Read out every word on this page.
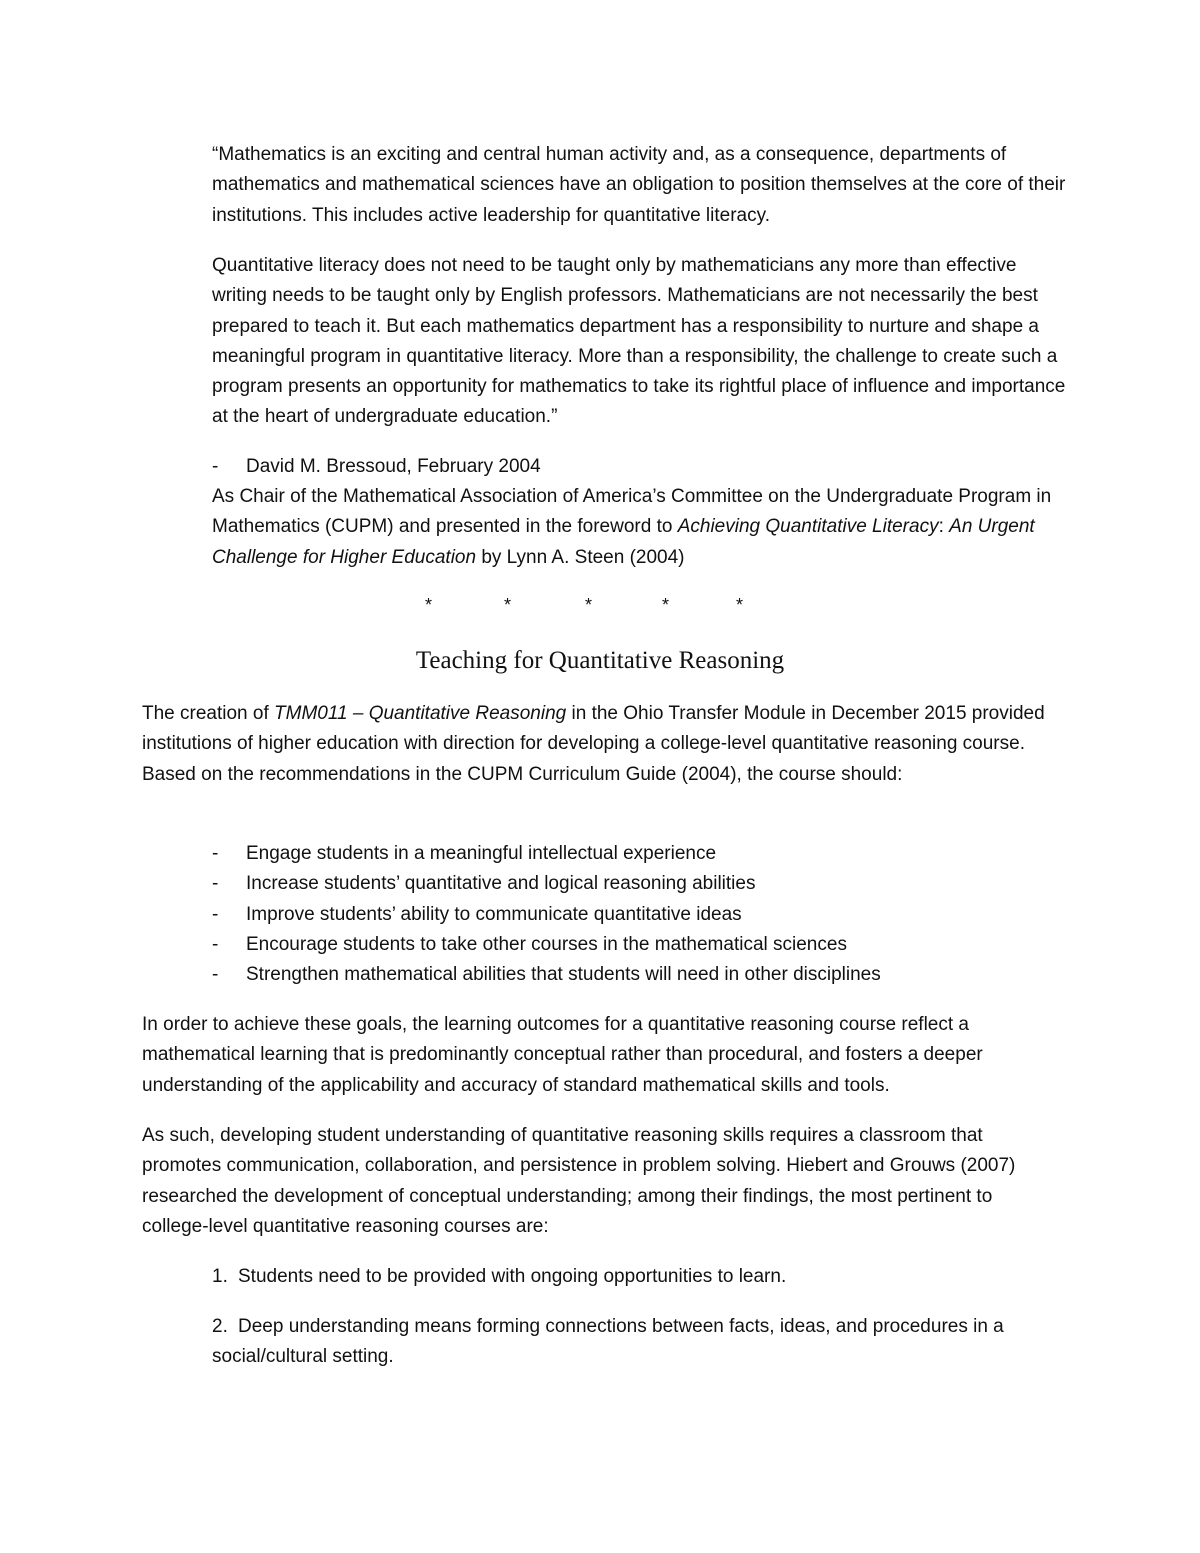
“Mathematics is an exciting and central human activity and, as a consequence, departments of mathematics and mathematical sciences have an obligation to position themselves at the core of their institutions. This includes active leadership for quantitative literacy.

Quantitative literacy does not need to be taught only by mathematicians any more than effective writing needs to be taught only by English professors. Mathematicians are not necessarily the best prepared to teach it. But each mathematics department has a responsibility to nurture and shape a meaningful program in quantitative literacy. More than a responsibility, the challenge to create such a program presents an opportunity for mathematics to take its rightful place of influence and importance at the heart of undergraduate education.”

- David M. Bressoud, February 2004

As Chair of the Mathematical Association of America’s Committee on the Undergraduate Program in Mathematics (CUPM) and presented in the foreword to Achieving Quantitative Literacy: An Urgent Challenge for Higher Education by Lynn A. Steen (2004)

*	*	*	*	*
Teaching for Quantitative Reasoning

The creation of TMM011 – Quantitative Reasoning in the Ohio Transfer Module in December 2015 provided institutions of higher education with direction for developing a college-level quantitative reasoning course. Based on the recommendations in the CUPM Curriculum Guide (2004), the course should:

- Engage students in a meaningful intellectual experience
- Increase students’ quantitative and logical reasoning abilities
- Improve students’ ability to communicate quantitative ideas
- Encourage students to take other courses in the mathematical sciences
- Strengthen mathematical abilities that students will need in other disciplines

In order to achieve these goals, the learning outcomes for a quantitative reasoning course reflect a mathematical learning that is predominantly conceptual rather than procedural, and fosters a deeper understanding of the applicability and accuracy of standard mathematical skills and tools.

As such, developing student understanding of quantitative reasoning skills requires a classroom that promotes communication, collaboration, and persistence in problem solving. Hiebert and Grouws (2007) researched the development of conceptual understanding; among their findings, the most pertinent to college-level quantitative reasoning courses are:

1. Students need to be provided with ongoing opportunities to learn.

2. Deep understanding means forming connections between facts, ideas, and procedures in a social/cultural setting.
